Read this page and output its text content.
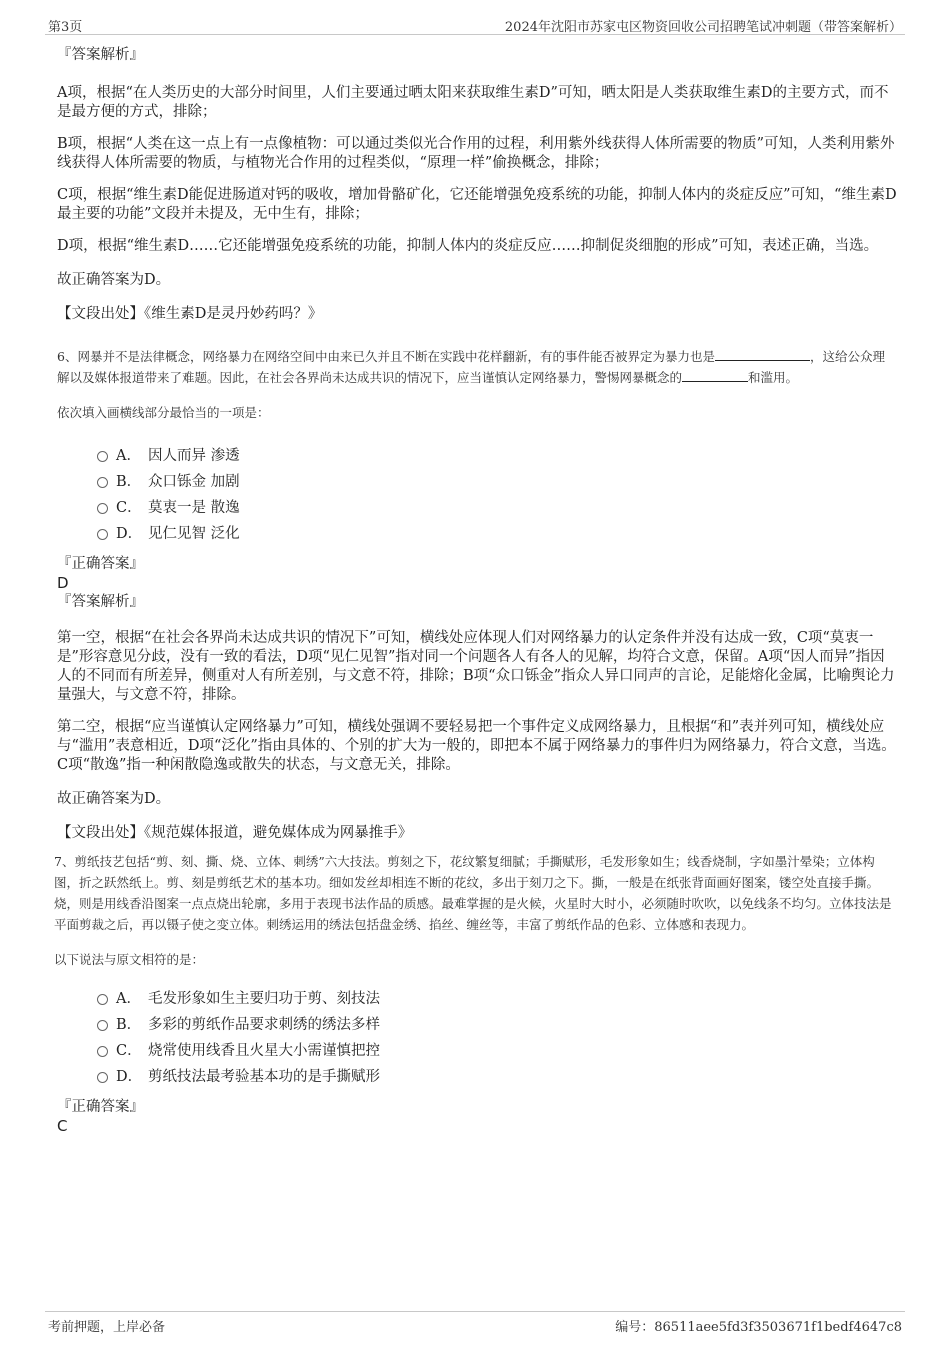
第3页	2024年沈阳市苏家屯区物资回收公司招聘笔试冲刺题（带答案解析）

『答案解析』

A项，根据“在人类历史的大部分时间里，人们主要通过晒太阳来获取维生素D”可知，晒太阳是人类获取维生素D的主要方式，而不是最方便的方式，排除；

B项，根据“人类在这一点上有一点像植物：可以通过类似光合作用的过程，利用紫外线获得人体所需要的物质”可知，人类利用紫外线获得人体所需要的物质，与植物光合作用的过程类似，“原理一样”偷换概念，排除；

C项，根据“维生素D能促进肠道对钙的吸收，增加骨骼矿化，它还能增强免疫系统的功能，抑制人体内的炎症反应”可知，“维生素D最主要的功能”文段并未提及，无中生有，排除；

D项，根据“维生素D……它还能增强免疫系统的功能，抑制人体内的炎症反应……抑制促炎细胞的形成”可知，表述正确，当选。

故正确答案为D。

【文段出处】《维生素D是灵丹妙药吗？》

6、网暴并不是法律概念，网络暴力在网络空间中由来已久并且不断在实践中花样翻新，有的事件能否被界定为暴力也是	，这给公众理解以及媒体报道带来了难题。因此，在社会各界尚未达成共识的情况下，应当谨慎认定网络暴力，警惕网暴概念的	和滥用。

依次填入画横线部分最恰当的一项是：

A． 因人而异 渗透
B． 众口铄金 加剧
C． 莫衷一是 散逸
D． 见仁见智 泛化

『正确答案』

D

『答案解析』

第一空，根据“在社会各界尚未达成共识的情况下”可知，横线处应体现人们对网络暴力的认定条件并没有达成一致，C项“莫衷一是”形容意见分歧，没有一致的看法，D项“见仁见智”指对同一个问题各人有各人的见解，均符合文意，保留。A项“因人而异”指因人的不同而有所差异，侧重对人有所差别，与文意不符，排除；B项“众口铄金”指众人异口同声的言论，足能熔化金属，比喻舆论力量强大，与文意不符，排除。

第二空，根据“应当谨慎认定网络暴力”可知，横线处强调不要轻易把一个事件定义成网络暴力，且根据“和”表并列可知，横线处应与“滥用”表意相近，D项“泛化”指由具体的、个别的扩大为一般的，即把本不属于网络暴力的事件归为网络暴力，符合文意，当选。C项“散逸”指一种闲散隐逸或散失的状态，与文意无关，排除。

故正确答案为D。

【文段出处】《规范媒体报道，避免媒体成为网暴推手》

7、剪纸技艺包括“剪、刻、撕、烧、立体、刺绣”六大技法。剪刻之下，花纹繁复细腻；手撕赋形，毛发形象如生；线香烧制，字如墨汁晕染；立体构图，折之跃然纸上。剪、刻是剪纸艺术的基本功。细如发丝却相连不断的花纹，多出于刻刀之下。撕，一般是在纸张背面画好图案，镂空处直接手撕。烧，则是用线香沿图案一点点烧出轮廓，多用于表现书法作品的质感。最难掌握的是火候，火星时大时小，必须随时吹吹，以免线条不均匀。立体技法是平面剪裁之后，再以镊子使之变立体。刺绣运用的绣法包括盘金绣、掐丝、缠丝等，丰富了剪纸作品的色彩、立体感和表现力。

以下说法与原文相符的是：

A． 毛发形象如生主要归功于剪、刻技法
B． 多彩的剪纸作品要求刺绣的绣法多样
C． 烧常使用线香且火星大小需谨慎把控
D． 剪纸技法最考验基本功的是手撕赋形

『正确答案』

C

考前押题，上岸必备	编号：86511aee5fd3f3503671f1bedf4647c8
